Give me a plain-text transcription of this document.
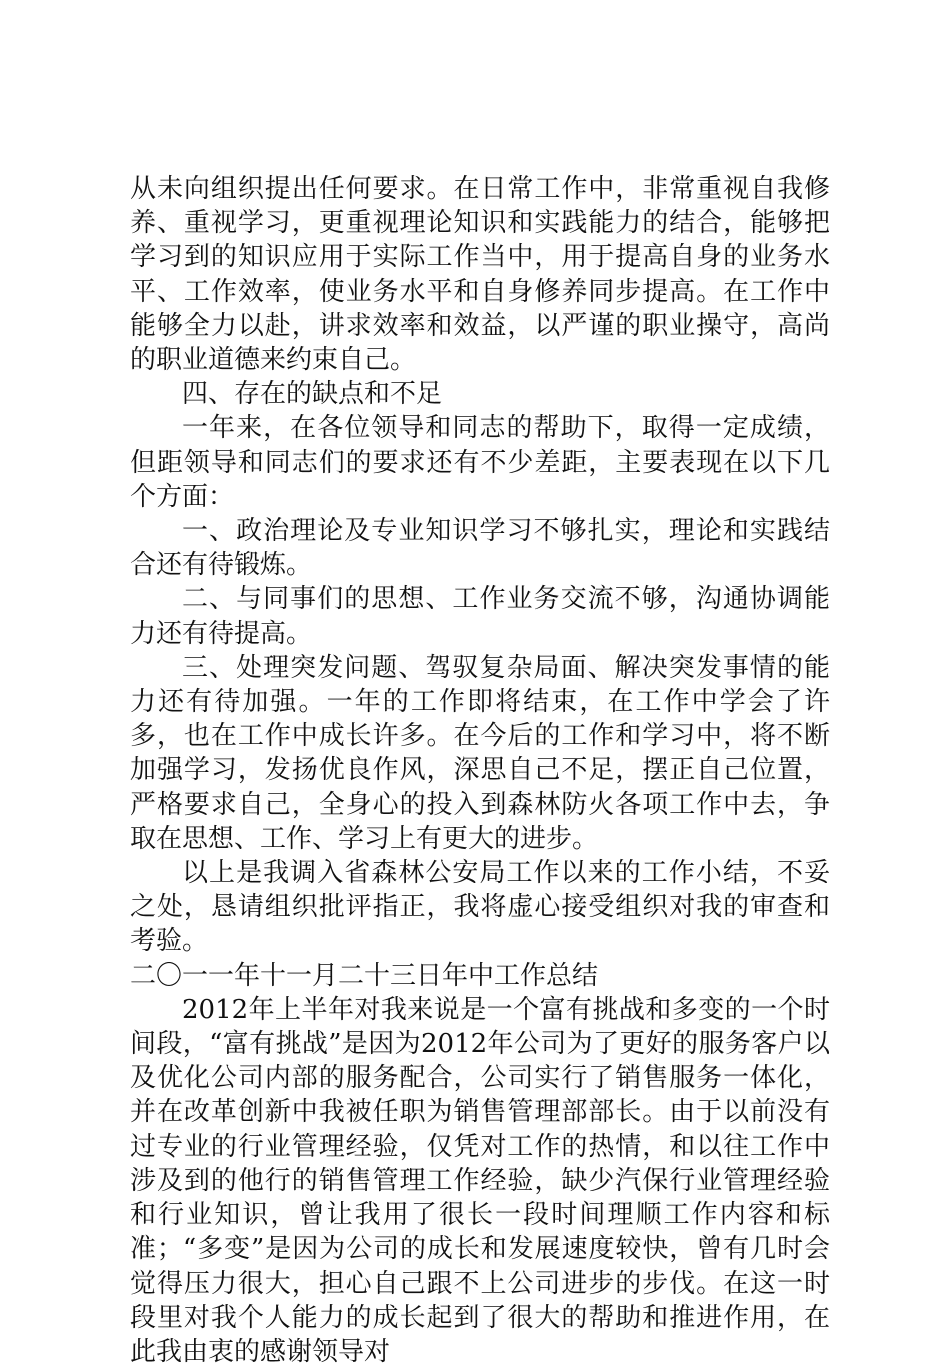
从未向组织提出任何要求。在日常工作中，非常重视自我修养、重视学习，更重视理论知识和实践能力的结合，能够把学习到的知识应用于实际工作当中，用于提高自身的业务水平、工作效率，使业务水平和自身修养同步提高。在工作中能够全力以赴，讲求效率和效益，以严谨的职业操守，高尚的职业道德来约束自己。

四、存在的缺点和不足

一年来，在各位领导和同志的帮助下，取得一定成绩，但距领导和同志们的要求还有不少差距，主要表现在以下几个方面：

一、政治理论及专业知识学习不够扎实，理论和实践结合还有待锻炼。

二、与同事们的思想、工作业务交流不够，沟通协调能力还有待提高。

三、处理突发问题、驾驭复杂局面、解决突发事情的能力还有待加强。一年的工作即将结束，在工作中学会了许多，也在工作中成长许多。在今后的工作和学习中，将不断加强学习，发扬优良作风，深思自己不足，摆正自己位置，严格要求自己，全身心的投入到森林防火各项工作中去，争取在思想、工作、学习上有更大的进步。

以上是我调入省森林公安局工作以来的工作小结，不妥之处，恳请组织批评指正，我将虚心接受组织对我的审查和考验。

二〇一一年十一月二十三日年中工作总结

2012年上半年对我来说是一个富有挑战和多变的一个时间段，“富有挑战”是因为2012年公司为了更好的服务客户以及优化公司内部的服务配合，公司实行了销售服务一体化，并在改革创新中我被任职为销售管理部部长。由于以前没有过专业的行业管理经验，仅凭对工作的热情，和以往工作中涉及到的他行的销售管理工作经验，缺少汽保行业管理经验和行业知识，曾让我用了很长一段时间理顺工作内容和标准；“多变”是因为公司的成长和发展速度较快，曾有几时会觉得压力很大，担心自己跟不上公司进步的步伐。在这一时段里对我个人能力的成长起到了很大的帮助和推进作用，在此我由衷的感谢领导对
